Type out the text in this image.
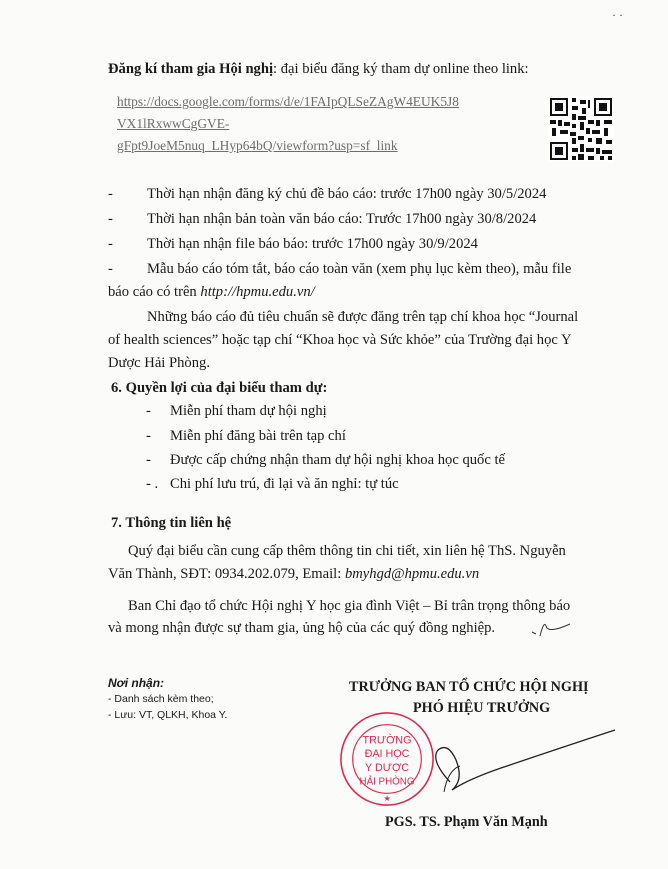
· ·
Đăng kí tham gia Hội nghị: đại biểu đăng ký tham dự online theo link:
https://docs.google.com/forms/d/e/1FAIpQLSeZAgW4EUK5J8
VX1lRxwwCgGVE-
gFpt9JoeM5nuq_LHyp64bQ/viewform?usp=sf_link
- Thời hạn nhận đăng ký chủ đề báo cáo: trước 17h00 ngày 30/5/2024
- Thời hạn nhận bản toàn văn báo cáo: Trước 17h00 ngày 30/8/2024
- Thời hạn nhận file báo báo: trước 17h00 ngày 30/9/2024
- Mẫu báo cáo tóm tắt, báo cáo toàn văn (xem phụ lục kèm theo), mẫu file
báo cáo có trên http://hpmu.edu.vn/
Những báo cáo đủ tiêu chuẩn sẽ được đăng trên tạp chí khoa học “Journal
of health sciences” hoặc tạp chí “Khoa học và Sức khỏe” của Trường đại học Y
Dược Hải Phòng.
6. Quyền lợi của đại biểu tham dự:
- Miễn phí tham dự hội nghị
- Miễn phí đăng bài trên tạp chí
- Được cấp chứng nhận tham dự hội nghị khoa học quốc tế
- . Chi phí lưu trú, đi lại và ăn nghỉ: tự túc
7. Thông tin liên hệ
Quý đại biểu cần cung cấp thêm thông tin chi tiết, xin liên hệ ThS. Nguyễn
Văn Thành, SĐT: 0934.202.079, Email: bmyhgd@hpmu.edu.vn
Ban Chỉ đạo tổ chức Hội nghị Y học gia đình Việt – Bỉ trân trọng thông báo
và mong nhận được sự tham gia, ủng hộ của các quý đồng nghiệp.
Nơi nhận:
- Danh sách kèm theo;
- Lưu: VT, QLKH, Khoa Y.
TRƯỞNG BAN TỔ CHỨC HỘI NGHỊ
PHÓ HIỆU TRƯỞNG
TRƯỜNG
ĐẠI HỌC
Y DƯỢC
HẢI PHÒNG
★
PGS. TS. Phạm Văn Mạnh
